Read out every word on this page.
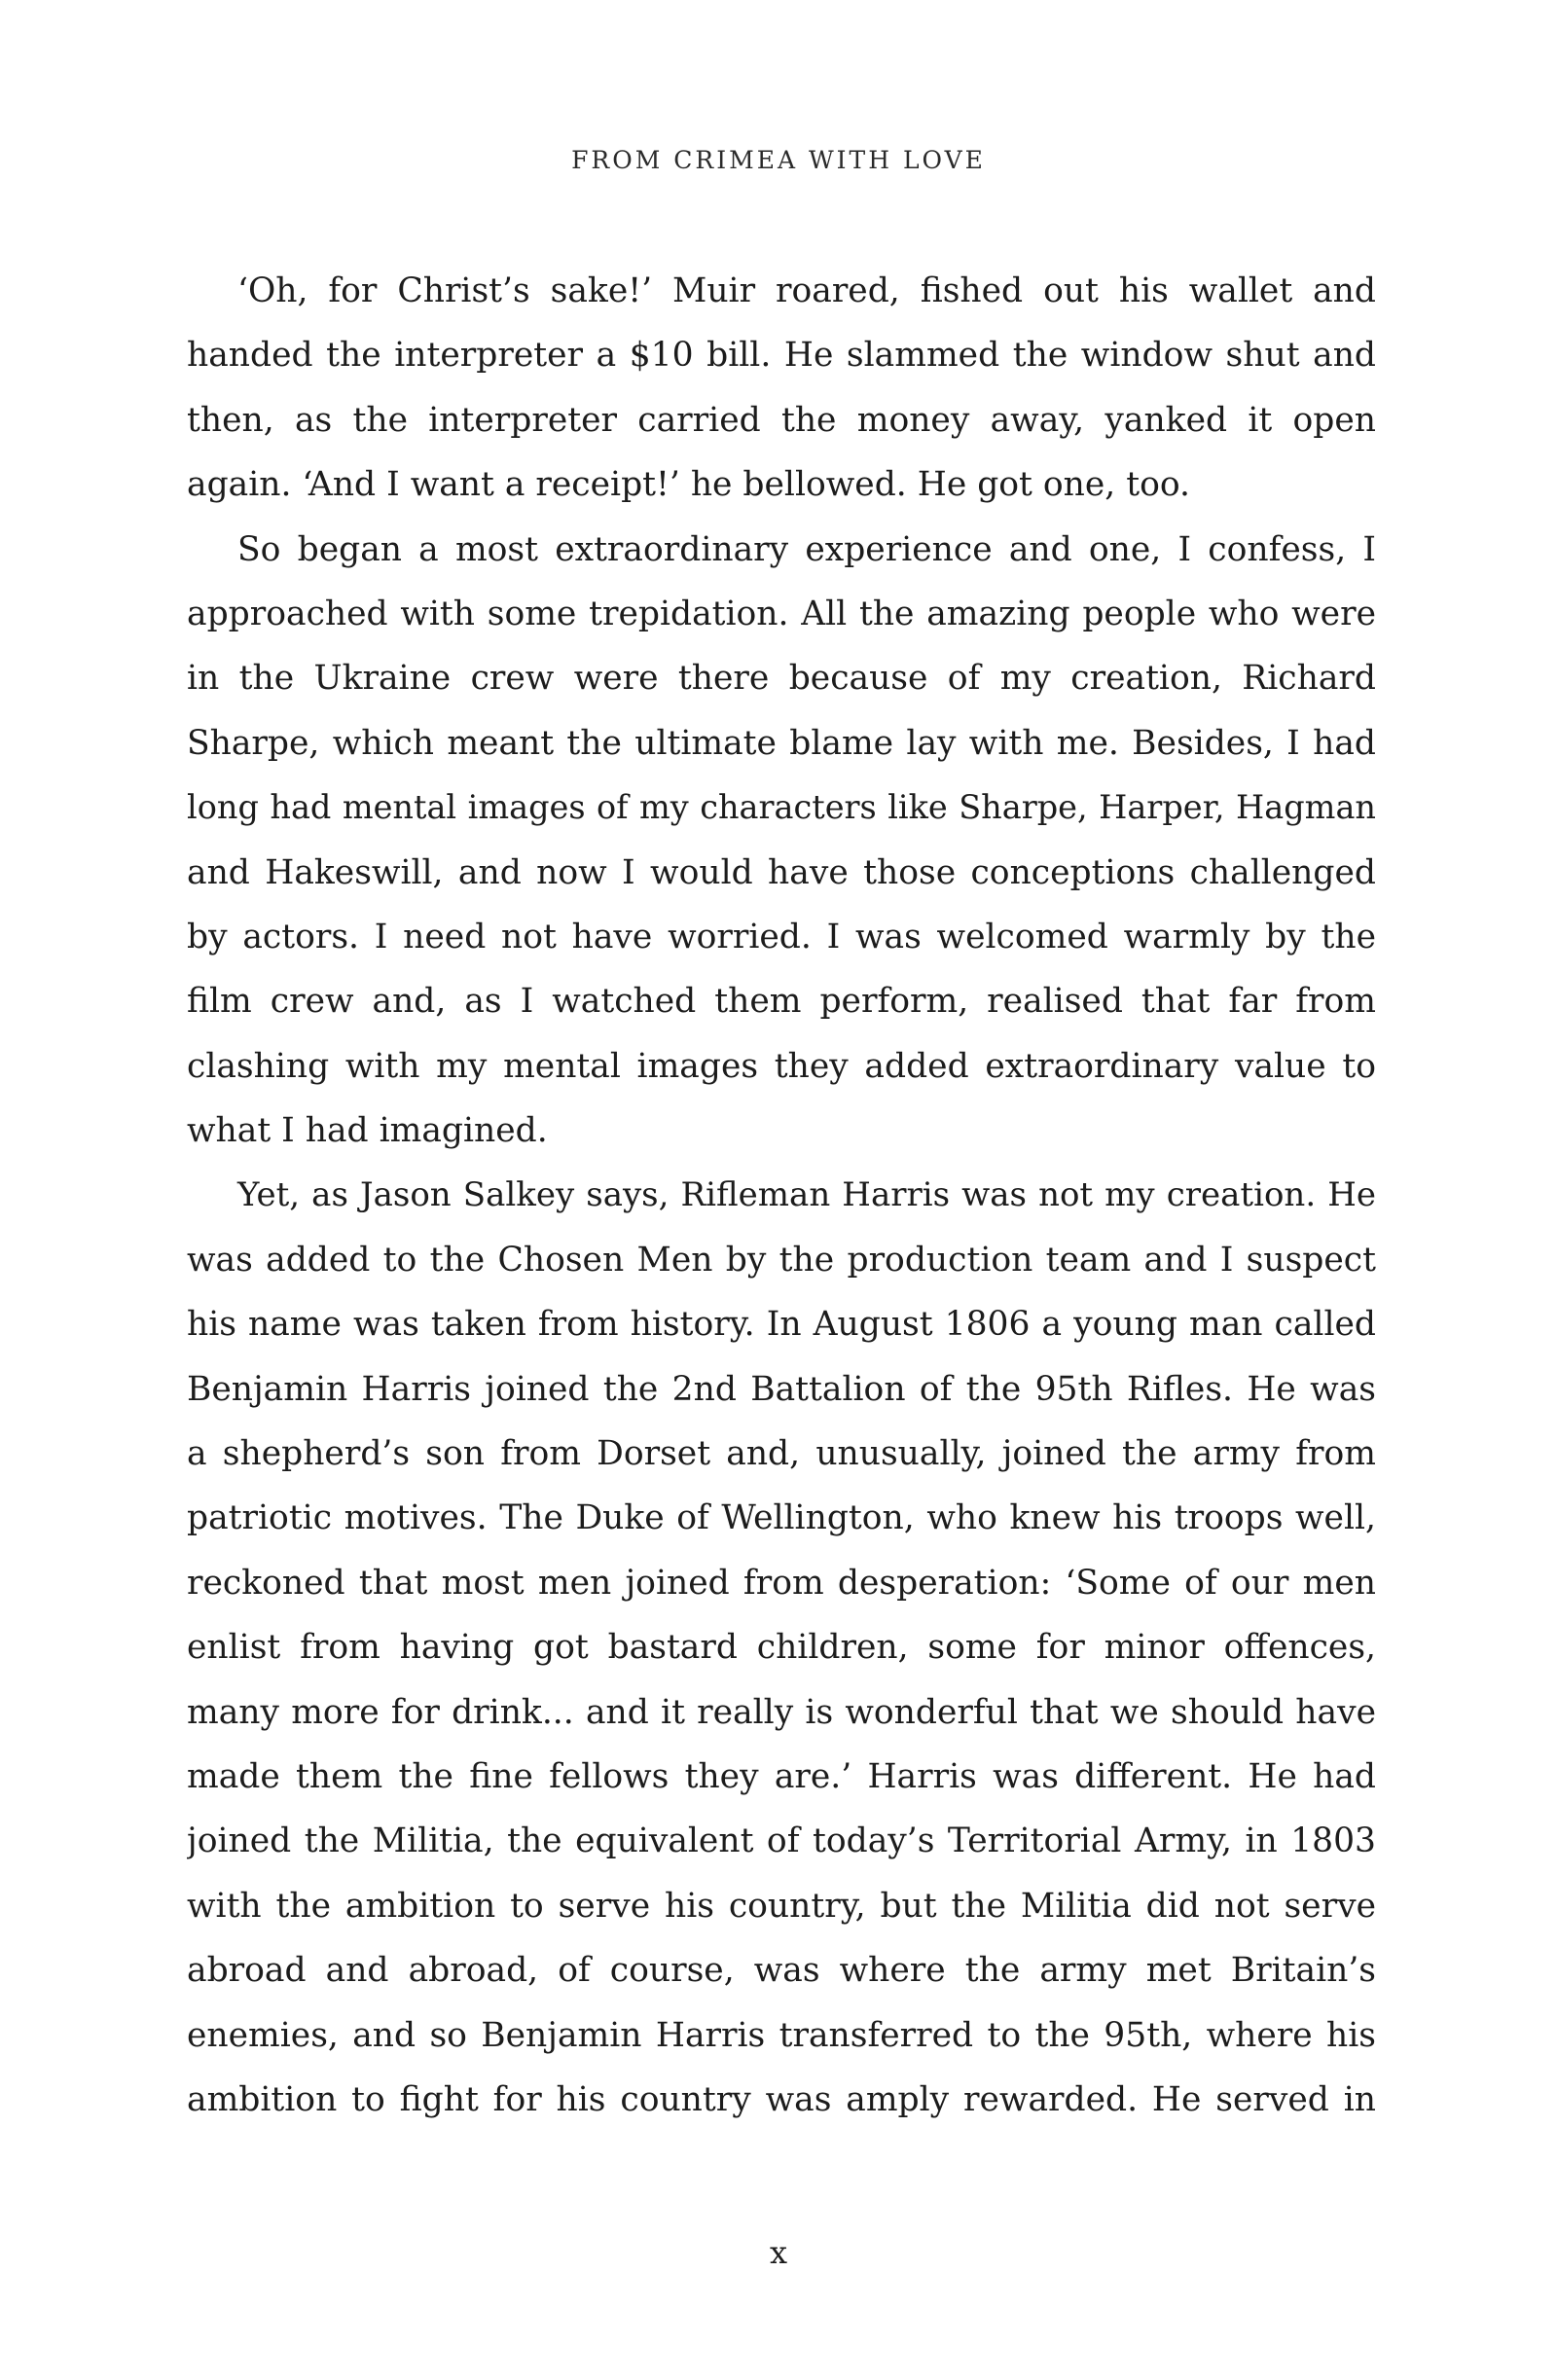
FROM CRIMEA WITH LOVE
‘Oh, for Christ’s sake!’ Muir roared, fished out his wallet and
handed the interpreter a $10 bill. He slammed the window shut and
then, as the interpreter carried the money away, yanked it open
again. ‘And I want a receipt!’ he bellowed. He got one, too.
So began a most extraordinary experience and one, I confess, I
approached with some trepidation. All the amazing people who were
in the Ukraine crew were there because of my creation, Richard
Sharpe, which meant the ultimate blame lay with me. Besides, I had
long had mental images of my characters like Sharpe, Harper, Hagman
and Hakeswill, and now I would have those conceptions challenged
by actors. I need not have worried. I was welcomed warmly by the
film crew and, as I watched them perform, realised that far from
clashing with my mental images they added extraordinary value to
what I had imagined.
Yet, as Jason Salkey says, Rifleman Harris was not my creation. He
was added to the Chosen Men by the production team and I suspect
his name was taken from history. In August 1806 a young man called
Benjamin Harris joined the 2nd Battalion of the 95th Rifles. He was
a shepherd’s son from Dorset and, unusually, joined the army from
patriotic motives. The Duke of Wellington, who knew his troops well,
reckoned that most men joined from desperation: ‘Some of our men
enlist from having got bastard children, some for minor offences,
many more for drink... and it really is wonderful that we should have
made them the fine fellows they are.’ Harris was different. He had
joined the Militia, the equivalent of today’s Territorial Army, in 1803
with the ambition to serve his country, but the Militia did not serve
abroad and abroad, of course, was where the army met Britain’s
enemies, and so Benjamin Harris transferred to the 95th, where his
ambition to fight for his country was amply rewarded. He served in
x
